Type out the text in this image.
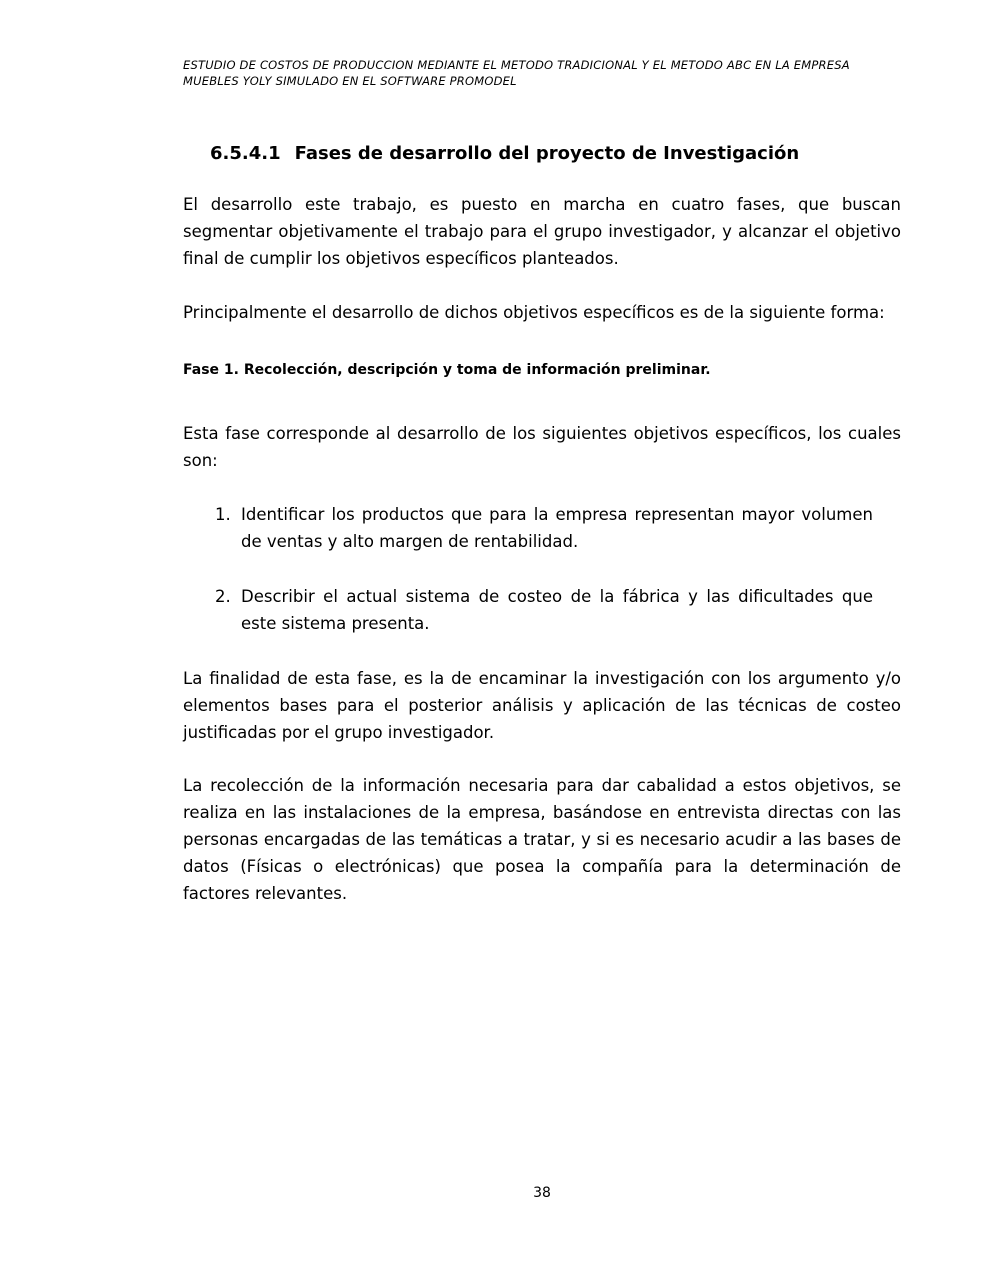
ESTUDIO DE COSTOS DE PRODUCCION MEDIANTE EL METODO TRADICIONAL Y EL METODO ABC EN LA EMPRESA MUEBLES YOLY SIMULADO EN EL SOFTWARE PROMODEL
6.5.4.1 Fases de desarrollo del proyecto de Investigación
El desarrollo este trabajo, es puesto en marcha en cuatro fases, que buscan segmentar objetivamente el trabajo para el grupo investigador, y alcanzar el objetivo final de cumplir los objetivos específicos planteados.
Principalmente el desarrollo de dichos objetivos específicos es de la siguiente forma:
Fase 1. Recolección, descripción y toma de información preliminar.
Esta fase corresponde al desarrollo de los siguientes objetivos específicos, los cuales son:
1. Identificar los productos que para la empresa representan mayor volumen de ventas y alto margen de rentabilidad.
2. Describir el actual sistema de costeo de la fábrica y las dificultades que este sistema presenta.
La finalidad de esta fase, es la de encaminar la investigación con los argumento y/o elementos bases para el posterior análisis y aplicación de las técnicas de costeo justificadas por el grupo investigador.
La recolección de la información necesaria para dar cabalidad a estos objetivos, se realiza en las instalaciones de la empresa, basándose en entrevista directas con las personas encargadas de las temáticas a tratar, y si es necesario acudir a las bases de datos (Físicas o electrónicas) que posea la compañía para la determinación de factores relevantes.
38
